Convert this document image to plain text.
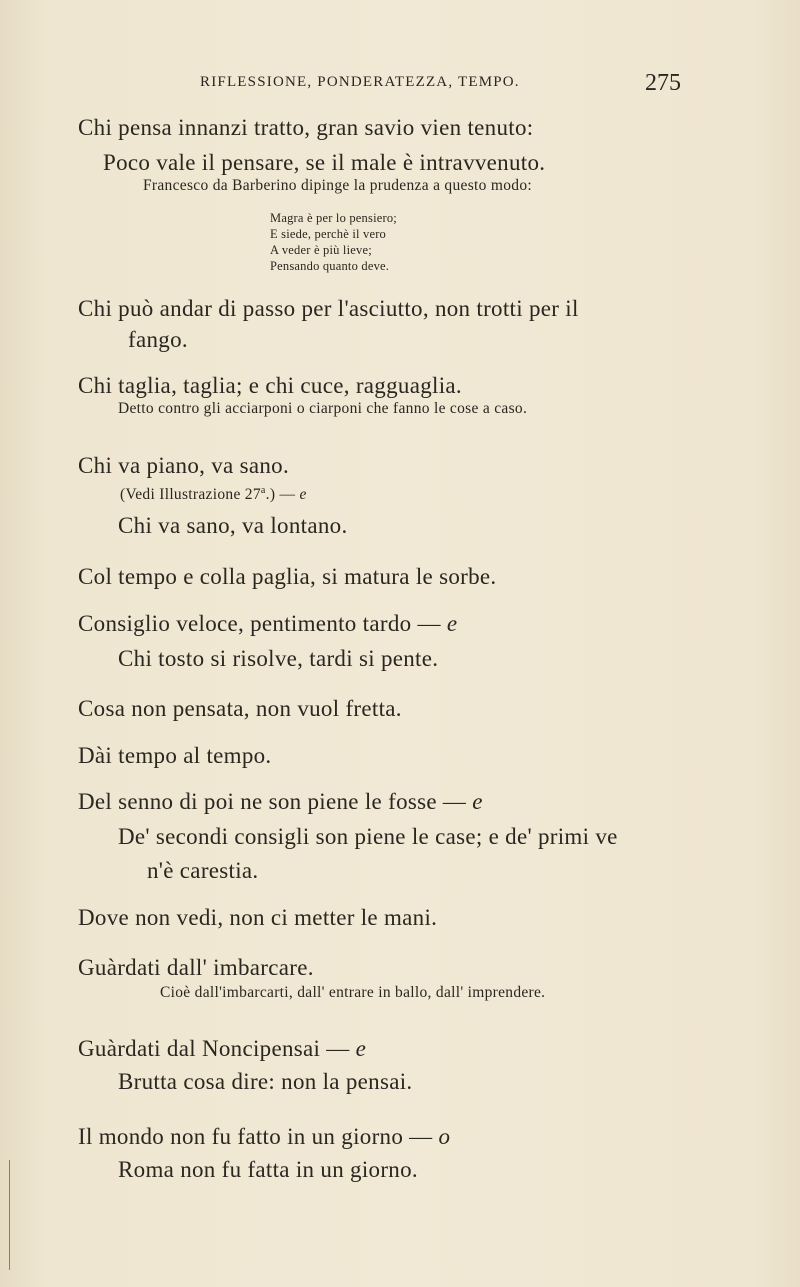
RIFLESSIONE, PONDERATEZZA, TEMPO.	275
Chi pensa innanzi tratto, gran savio vien tenuto:
Poco vale il pensare, se il male è intravvenuto.
Francesco da Barberino dipinge la prudenza a questo modo:
Magra è per lo pensiero;
E siede, perchè il vero
A veder è più lieve;
Pensando quanto deve.
Chi può andar di passo per l'asciutto, non trotti per il
fango.
Chi taglia, taglia; e chi cuce, ragguaglia.
Detto contro gli acciarponi o ciarponi che fanno le cose a caso.
Chi va piano, va sano.
(Vedi Illustrazione 27$^a$.) — e
Chi va sano, va lontano.
Col tempo e colla paglia, si matura le sorbe.
Consiglio veloce, pentimento tardo — e
Chi tosto si risolve, tardi si pente.
Cosa non pensata, non vuol fretta.
Dài tempo al tempo.
Del senno di poi ne son piene le fosse — e
De' secondi consigli son piene le case; e de' primi ve
n'è carestia.
Dove non vedi, non ci metter le mani.
Guàrdati dall' imbarcare.
Cioè dall'imbarcarti, dall' entrare in ballo, dall' imprendere.
Guàrdati dal Noncipensai — e
Brutta cosa dire: non la pensai.
Il mondo non fu fatto in un giorno — o
Roma non fu fatta in un giorno.
